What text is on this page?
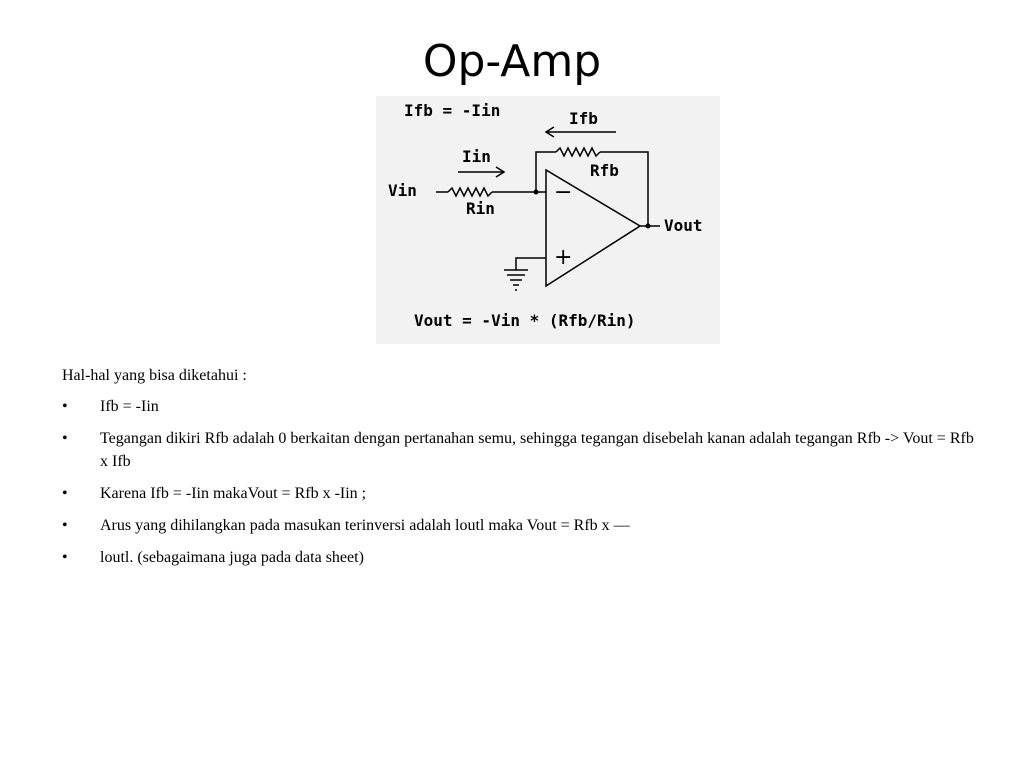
Op-Amp
Ifb = -Iin	Ifb
Rfb
Iin
Vin
Rin
−
+
Vout
Vout = -Vin * (Rfb/Rin)

Hal-hal yang bisa diketahui :

• Ifb = -Iin
• Tegangan dikiri Rfb adalah 0 berkaitan dengan pertanahan semu, sehingga tegangan disebelah kanan adalah tegangan Rfb -> Vout = Rfb x Ifb
• Karena Ifb = -Iin makaVout = Rfb x -Iin ;
• Arus yang dihilangkan pada masukan terinversi adalah loutl maka Vout = Rfb x —
• loutl. (sebagaimana juga pada data sheet)
